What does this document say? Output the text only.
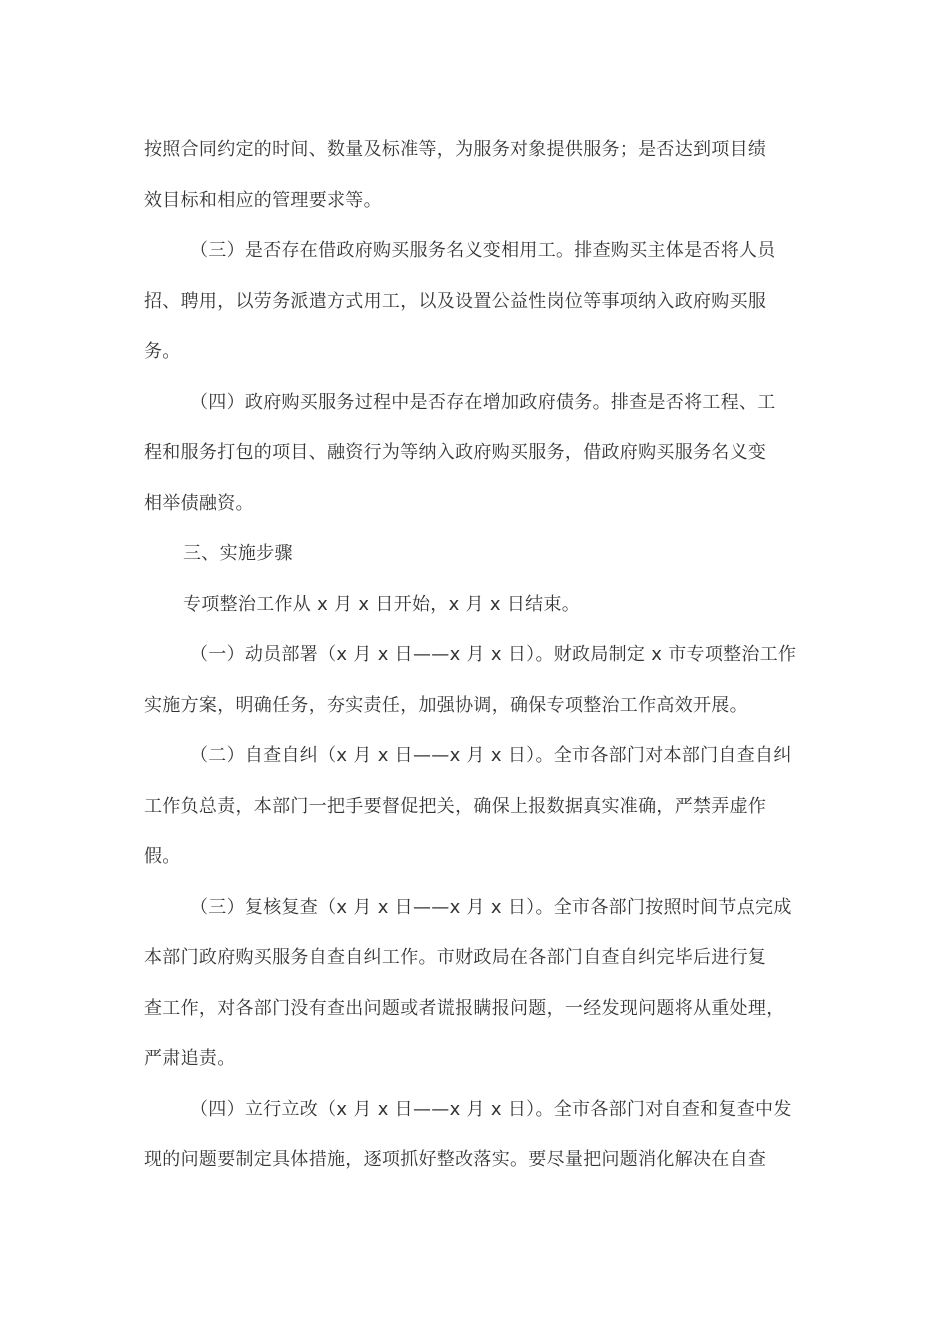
按照合同约定的时间、数量及标准等，为服务对象提供服务；是否达到项目绩
效目标和相应的管理要求等。
（三）是否存在借政府购买服务名义变相用工。排查购买主体是否将人员
招、聘用，以劳务派遣方式用工，以及设置公益性岗位等事项纳入政府购买服
务。
（四）政府购买服务过程中是否存在增加政府债务。排查是否将工程、工
程和服务打包的项目、融资行为等纳入政府购买服务，借政府购买服务名义变
相举债融资。
三、实施步骤
专项整治工作从 x 月 x 日开始，x 月 x 日结束。
（一）动员部署（x 月 x 日——x 月 x 日）。财政局制定 x 市专项整治工作
实施方案，明确任务，夯实责任，加强协调，确保专项整治工作高效开展。
（二）自查自纠（x 月 x 日——x 月 x 日）。全市各部门对本部门自查自纠
工作负总责，本部门一把手要督促把关，确保上报数据真实准确，严禁弄虚作
假。
（三）复核复查（x 月 x 日——x 月 x 日）。全市各部门按照时间节点完成
本部门政府购买服务自查自纠工作。市财政局在各部门自查自纠完毕后进行复
查工作，对各部门没有查出问题或者谎报瞒报问题，一经发现问题将从重处理，
严肃追责。
（四）立行立改（x 月 x 日——x 月 x 日）。全市各部门对自查和复查中发
现的问题要制定具体措施，逐项抓好整改落实。要尽量把问题消化解决在自查
